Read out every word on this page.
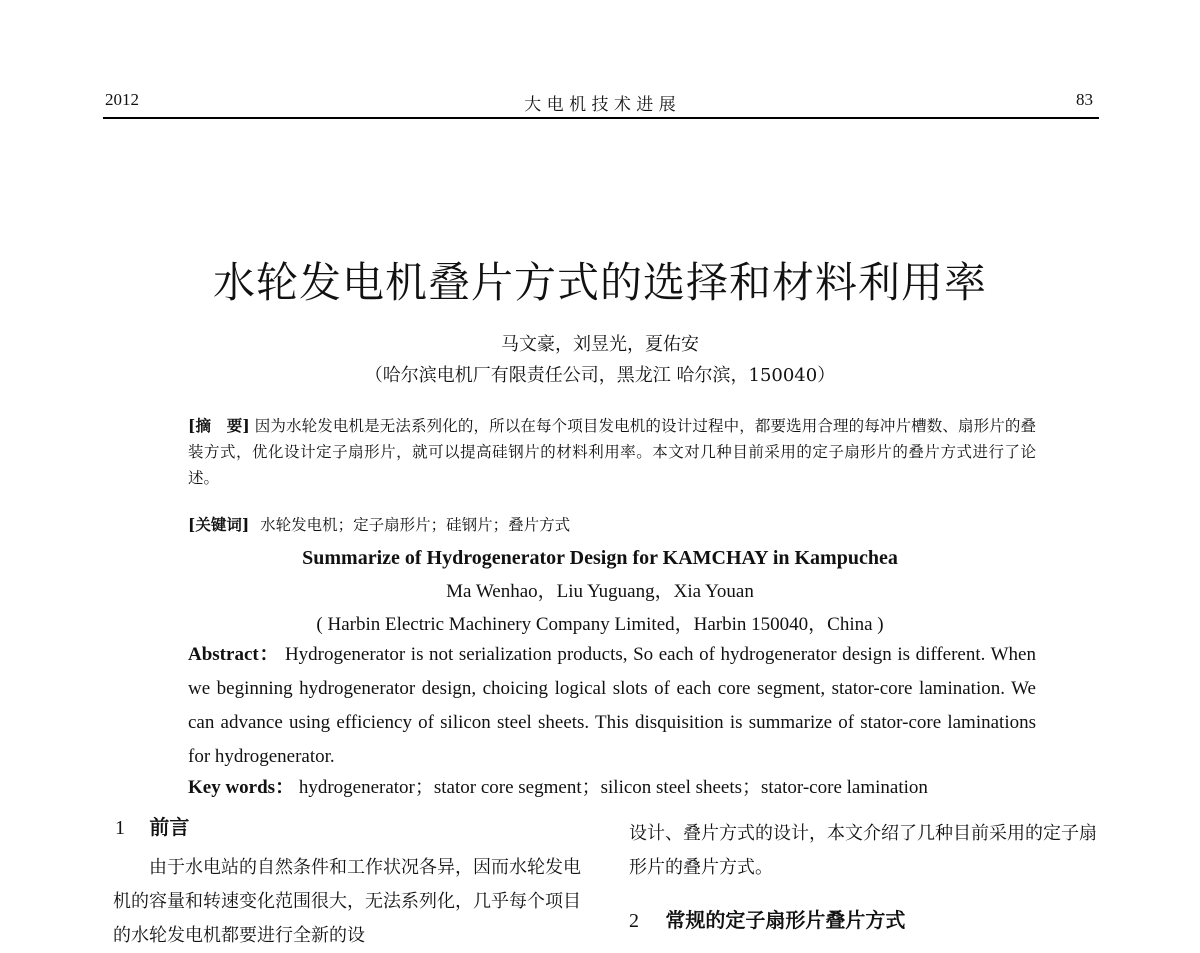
2012	大 电 机 技 术 进 展	83
水轮发电机叠片方式的选择和材料利用率
马文豪，刘昱光，夏佑安
（哈尔滨电机厂有限责任公司，黑龙江 哈尔滨，150040）
[摘　要] 因为水轮发电机是无法系列化的，所以在每个项目发电机的设计过程中，都要选用合理的每冲片槽数、扇形片的叠装方式，优化设计定子扇形片，就可以提高硅钢片的材料利用率。本文对几种目前采用的定子扇形片的叠片方式进行了论述。
[关键词] 水轮发电机；定子扇形片；硅钢片；叠片方式
Summarize of Hydrogenerator Design for KAMCHAY in Kampuchea
Ma Wenhao，Liu Yuguang，Xia Youan
( Harbin Electric Machinery Company Limited，Harbin 150040，China )
Abstract： Hydrogenerator is not serialization products, So each of hydrogenerator design is different. When we beginning hydrogenerator design, choicing logical slots of each core segment, stator-core lamination. We can advance using efficiency of silicon steel sheets. This disquisition is summarize of stator-core laminations for hydrogenerator.
Key words： hydrogenerator；stator core segment；silicon steel sheets；stator-core lamination
1 前言
由于水电站的自然条件和工作状况各异，因而水轮发电机的容量和转速变化范围很大，无法系列化，几乎每个项目的水轮发电机都要进行全新的设
设计、叠片方式的设计，本文介绍了几种目前采用的定子扇形片的叠片方式。
2 常规的定子扇形片叠片方式
